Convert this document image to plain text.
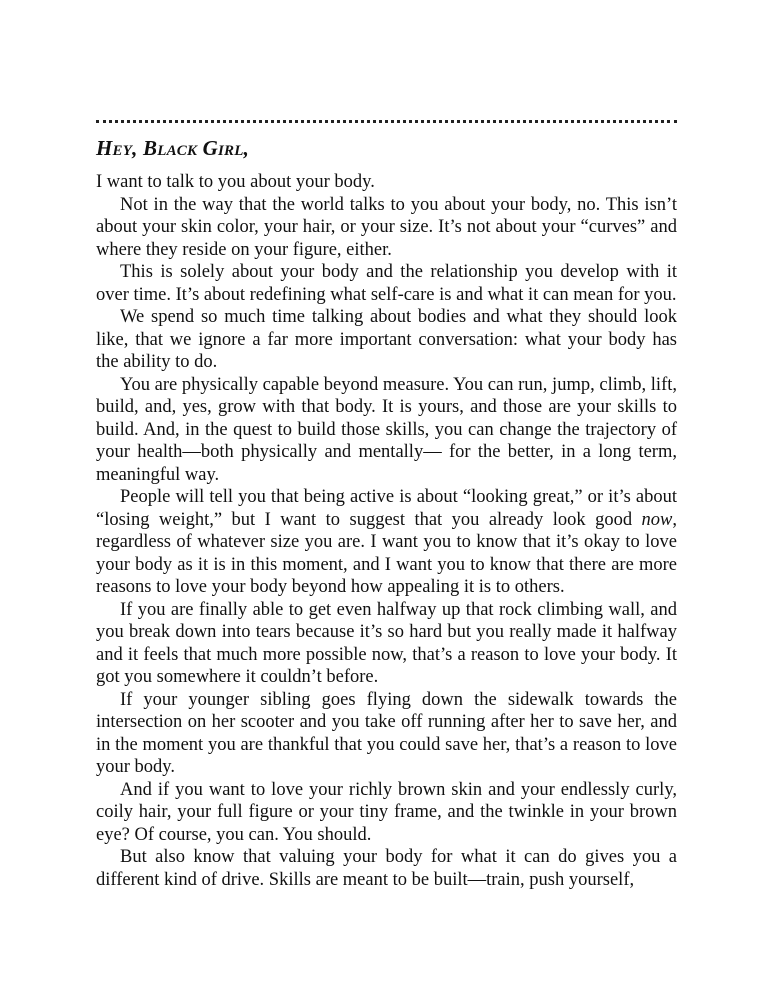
Hey, Black Girl,

I want to talk to you about your body.

Not in the way that the world talks to you about your body, no. This isn’t about your skin color, your hair, or your size. It’s not about your “curves” and where they reside on your figure, either.

This is solely about your body and the relationship you develop with it over time. It’s about redefining what self-care is and what it can mean for you.

We spend so much time talking about bodies and what they should look like, that we ignore a far more important conversation: what your body has the ability to do.

You are physically capable beyond measure. You can run, jump, climb, lift, build, and, yes, grow with that body. It is yours, and those are your skills to build. And, in the quest to build those skills, you can change the trajectory of your health—both physically and mentally— for the better, in a long term, meaningful way.

People will tell you that being active is about “looking great,” or it’s about “losing weight,” but I want to suggest that you already look good now, regardless of whatever size you are. I want you to know that it’s okay to love your body as it is in this moment, and I want you to know that there are more reasons to love your body beyond how appealing it is to others.

If you are finally able to get even halfway up that rock climbing wall, and you break down into tears because it’s so hard but you really made it halfway and it feels that much more possible now, that’s a reason to love your body. It got you somewhere it couldn’t before.

If your younger sibling goes flying down the sidewalk towards the intersection on her scooter and you take off running after her to save her, and in the moment you are thankful that you could save her, that’s a reason to love your body.

And if you want to love your richly brown skin and your endlessly curly, coily hair, your full figure or your tiny frame, and the twinkle in your brown eye? Of course, you can. You should.

But also know that valuing your body for what it can do gives you a different kind of drive. Skills are meant to be built—train, push yourself,
